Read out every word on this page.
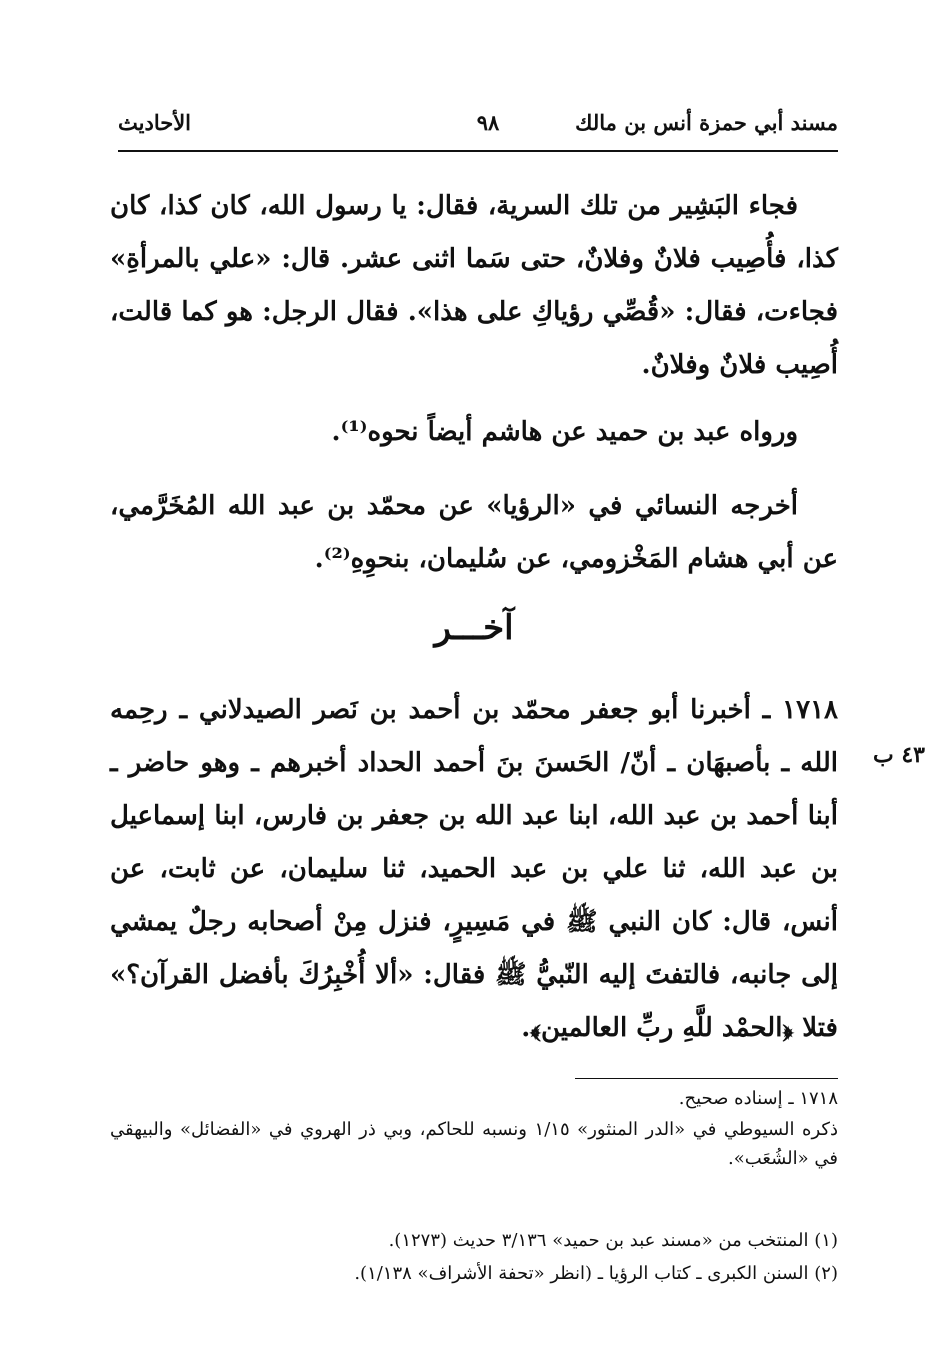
مسند أبي حمزة أنس بن مالك
٩٨
الأحاديث
فجاء البَشِير من تلك السرية، فقال: يا رسول الله، كان كذا، كان كذا، فأُصِيب فلانٌ وفلانٌ، حتى سَما اثنى عشر. قال: «علي بالمرأةِ» فجاءت، فقال: «قُصِّي رؤياكِ على هذا». فقال الرجل: هو كما قالت، أُصِيب فلانٌ وفلانٌ.
ورواه عبد بن حميد عن هاشم أيضاً نحوه⁽¹⁾.
أخرجه النسائي في «الرؤيا» عن محمّد بن عبد الله المُخَرَّمي، عن أبي هشام المَخْزومي، عن سُليمان، بنحوِهِ⁽²⁾.
آخـــر
١٧١٨ ـ أخبرنا أبو جعفر محمّد بن أحمد بن نَصر الصيدلاني ـ رحِمه الله ـ بأصبهَان ـ أنّ/ الحَسنَ بنَ أحمد الحداد أخبرهم ـ وهو حاضر ـ أبنا أحمد بن عبد الله، ابنا عبد الله بن جعفر بن فارس، ابنا إسماعيل بن عبد الله، ثنا علي بن عبد الحميد، ثنا سليمان، عن ثابت، عن أنس، قال: كان النبي ﷺ في مَسِيرٍ، فنزل مِنْ أصحابه رجلٌ يمشي إلى جانبه، فالتفتَ إليه النّبيُّ ﷺ فقال: «ألا أُخْبِرُكَ بأفضل القرآن؟» فتلا ﴿الحمْد للَّهِ ربِّ العالمين﴾.
٤٣ ب
١٧١٨ ـ إسناده صحيح.
ذكره السيوطي في «الدر المنثور» ١/١٥ ونسبه للحاكم، وبي ذر الهروي في «الفضائل» والبيهقي في «الشُعَب».
(١) المنتخب من «مسند عبد بن حميد» ٣/١٣٦ حديث (١٢٧٣).
(٢) السنن الكبرى ـ كتاب الرؤيا ـ (انظر «تحفة الأشراف» ١/١٣٨).
